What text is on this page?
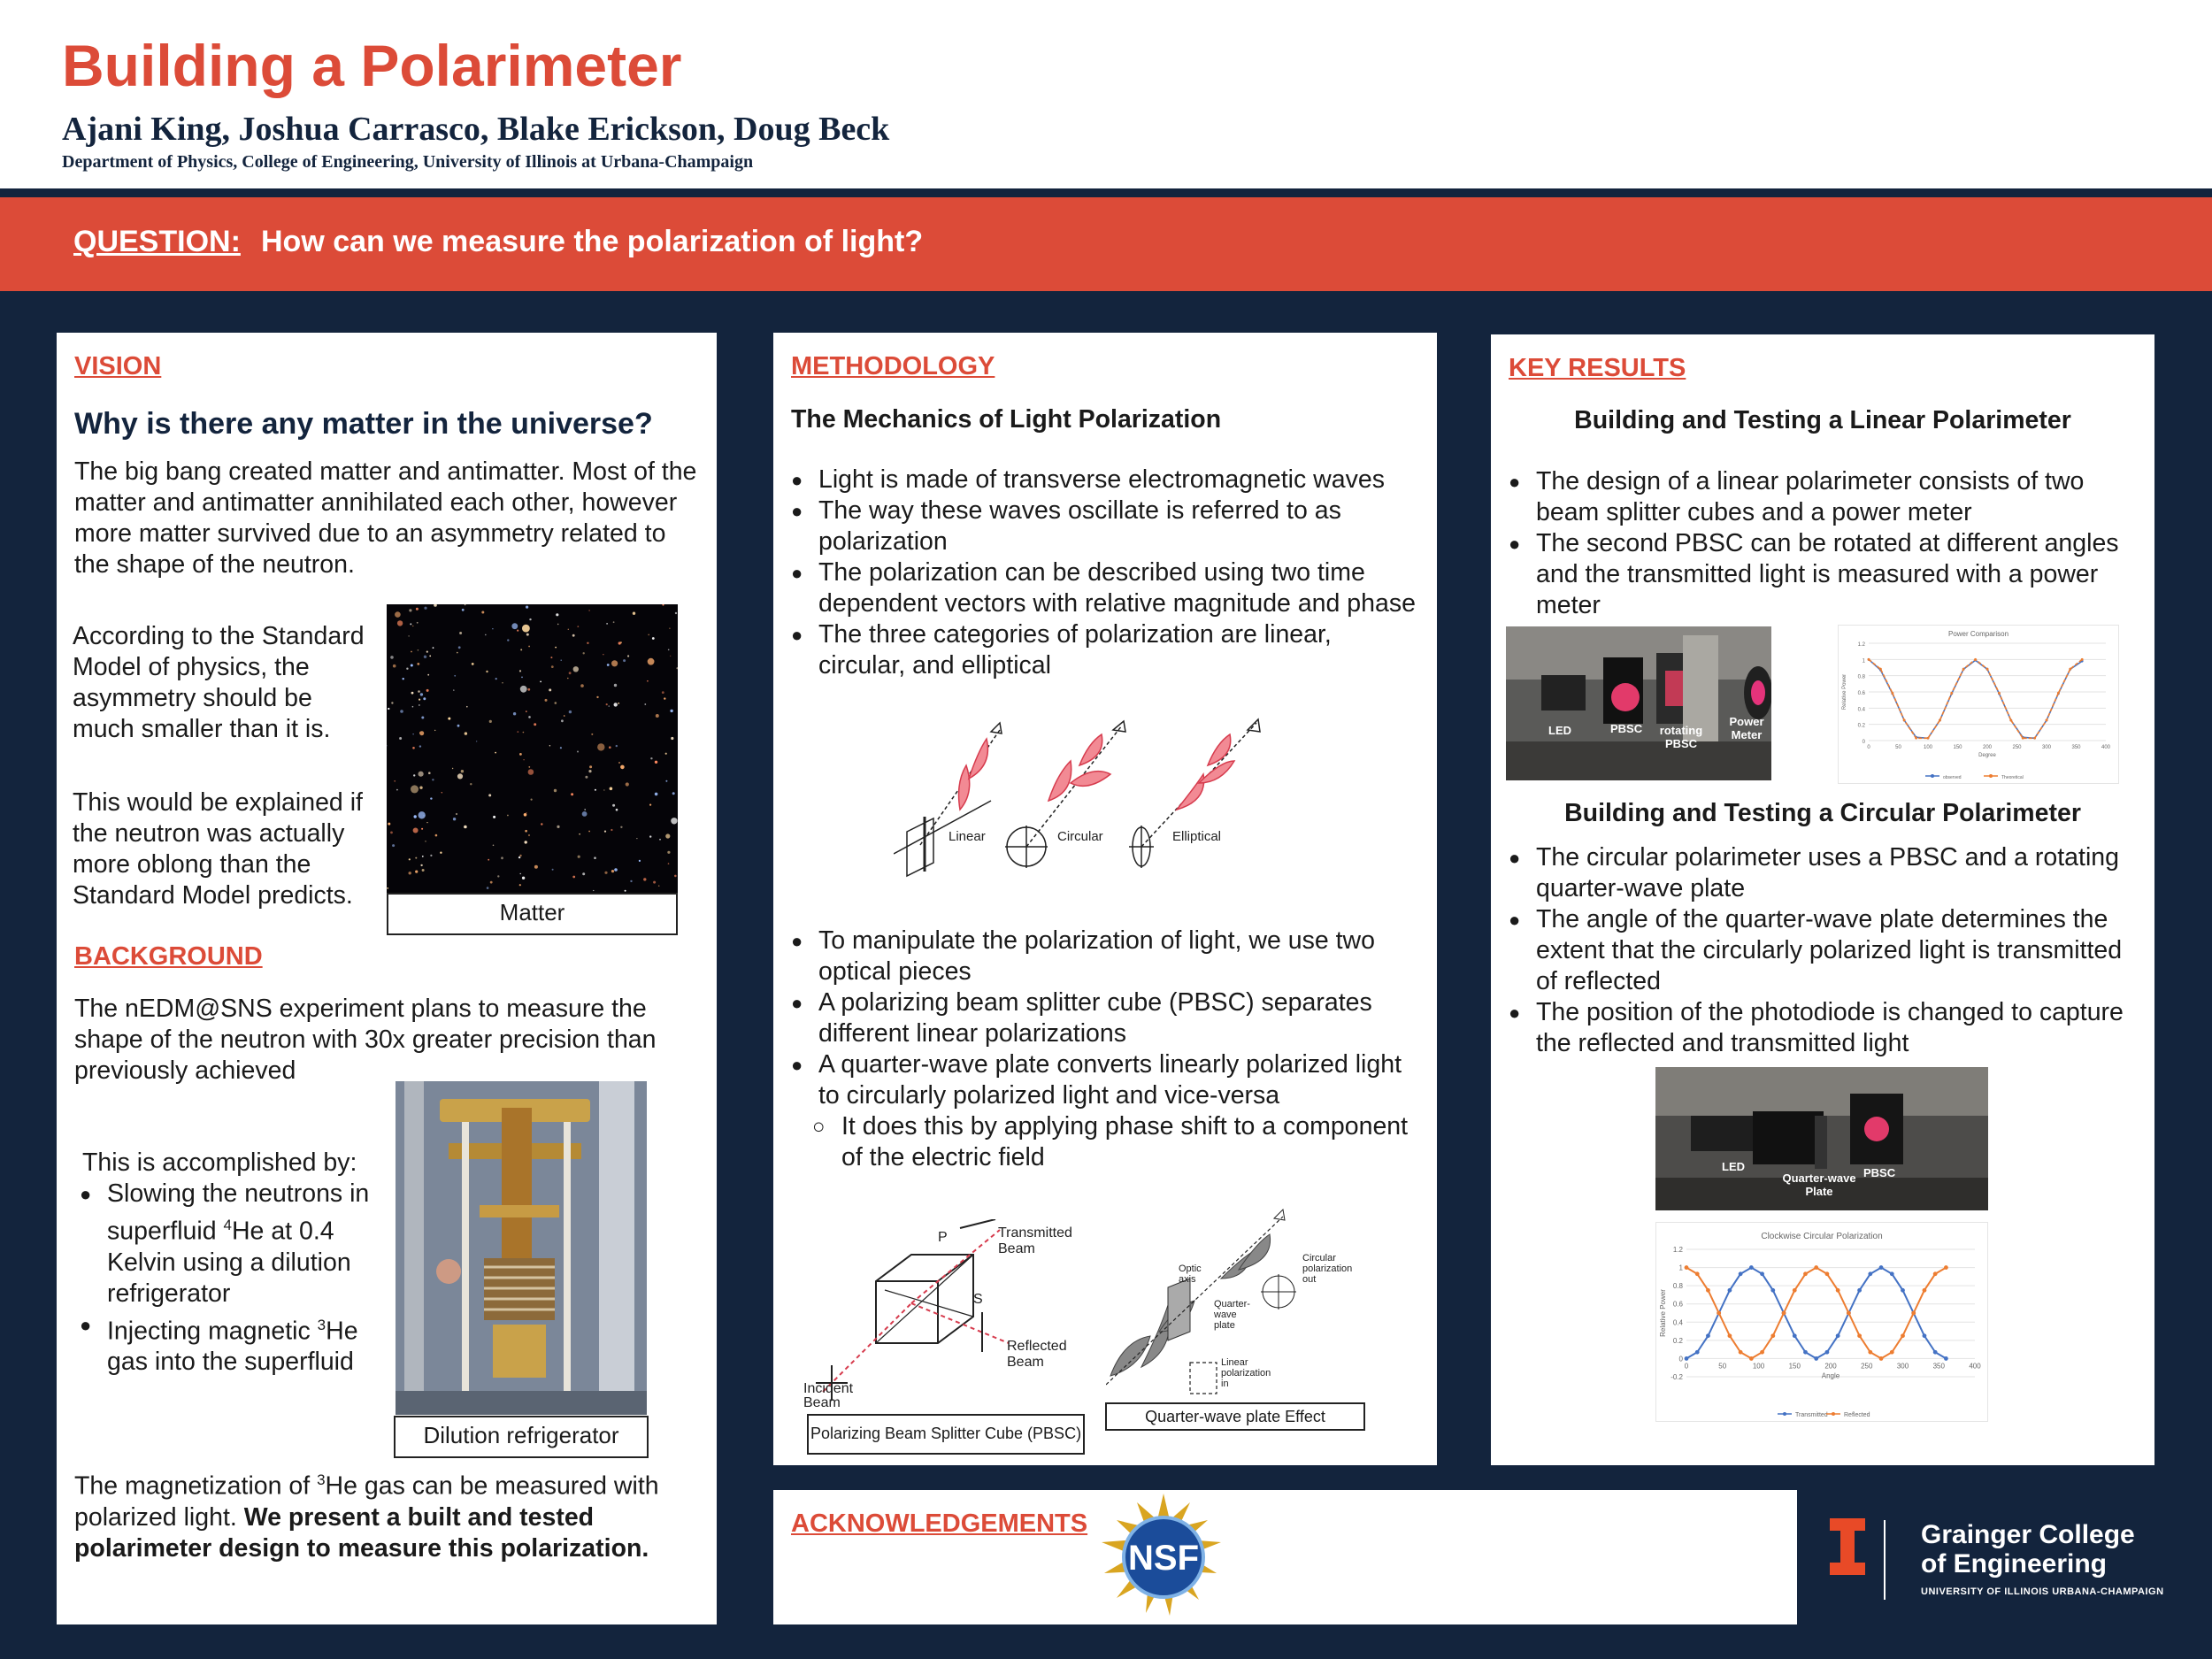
Building a Polarimeter
Ajani King, Joshua Carrasco, Blake Erickson, Doug Beck
Department of Physics, College of Engineering, University of Illinois at Urbana-Champaign
QUESTION: How can we measure the polarization of light?
VISION
Why is there any matter in the universe?
The big bang created matter and antimatter. Most of the matter and antimatter annihilated each other, however more matter survived due to an asymmetry related to the shape of the neutron.
According to the Standard Model of physics, the asymmetry should be much smaller than it is.
This would be explained if the neutron was actually more oblong than the Standard Model predicts.
Matter
BACKGROUND
The nEDM@SNS experiment plans to measure the shape of the neutron with 30x greater precision than previously achieved
This is accomplished by:
● Slowing the neutrons in superfluid $^4$He at 0.4 Kelvin using a dilution refrigerator
● Injecting magnetic $^3$He gas into the superfluid
Dilution refrigerator
The magnetization of $^3$He gas can be measured with polarized light. We present a built and tested polarimeter design to measure this polarization.
METHODOLOGY
The Mechanics of Light Polarization
● Light is made of transverse electromagnetic waves
● The way these waves oscillate is referred to as polarization
● The polarization can be described using two time dependent vectors with relative magnitude and phase
● The three categories of polarization are linear, circular, and elliptical
Linear	Circular	Elliptical
● To manipulate the polarization of light, we use two optical pieces
● A polarizing beam splitter cube (PBSC) separates different linear polarizations
● A quarter-wave plate converts linearly polarized light to circularly polarized light and vice-versa
○ It does this by applying phase shift to a component of the electric field
P
S
Transmitted
Beam
Reflected
Beam
Incident
Beam
Polarizing Beam Splitter Cube (PBSC)
Optic
axis
Quarter-
wave
plate
Circular
polarization
out
Linear
polarization
in
Quarter-wave plate Effect
KEY RESULTS
Building and Testing a Linear Polarimeter
● The design of a linear polarimeter consists of two beam splitter cubes and a power meter
● The second PBSC can be rotated at different angles and the transmitted light is measured with a power meter
LED	PBSC	rotating PBSC
Power Meter
Power Comparison
0
0.2
0.4
0.6
0.8
1
1.2
0	50	100	150	200	250	300	350	400
Degree
Relative Power
observed	Theoretical
Building and Testing a Circular Polarimeter
● The circular polarimeter uses a PBSC and a rotating quarter-wave plate
● The angle of the quarter-wave plate determines the extent that the circularly polarized light is transmitted of reflected
● The position of the photodiode is changed to capture the reflected and transmitted light
LED
Quarter-wave Plate
PBSC
Clockwise Circular Polarization
-0.2
0
0.2
0.4
0.6
0.8
1
1.2
0	50	100	150	200	250	300	350	400
Angle
Relative Power
Transmitted	Reflected
ACKNOWLEDGEMENTS
NSF
Grainger College
of Engineering
UNIVERSITY OF ILLINOIS URBANA-CHAMPAIGN
